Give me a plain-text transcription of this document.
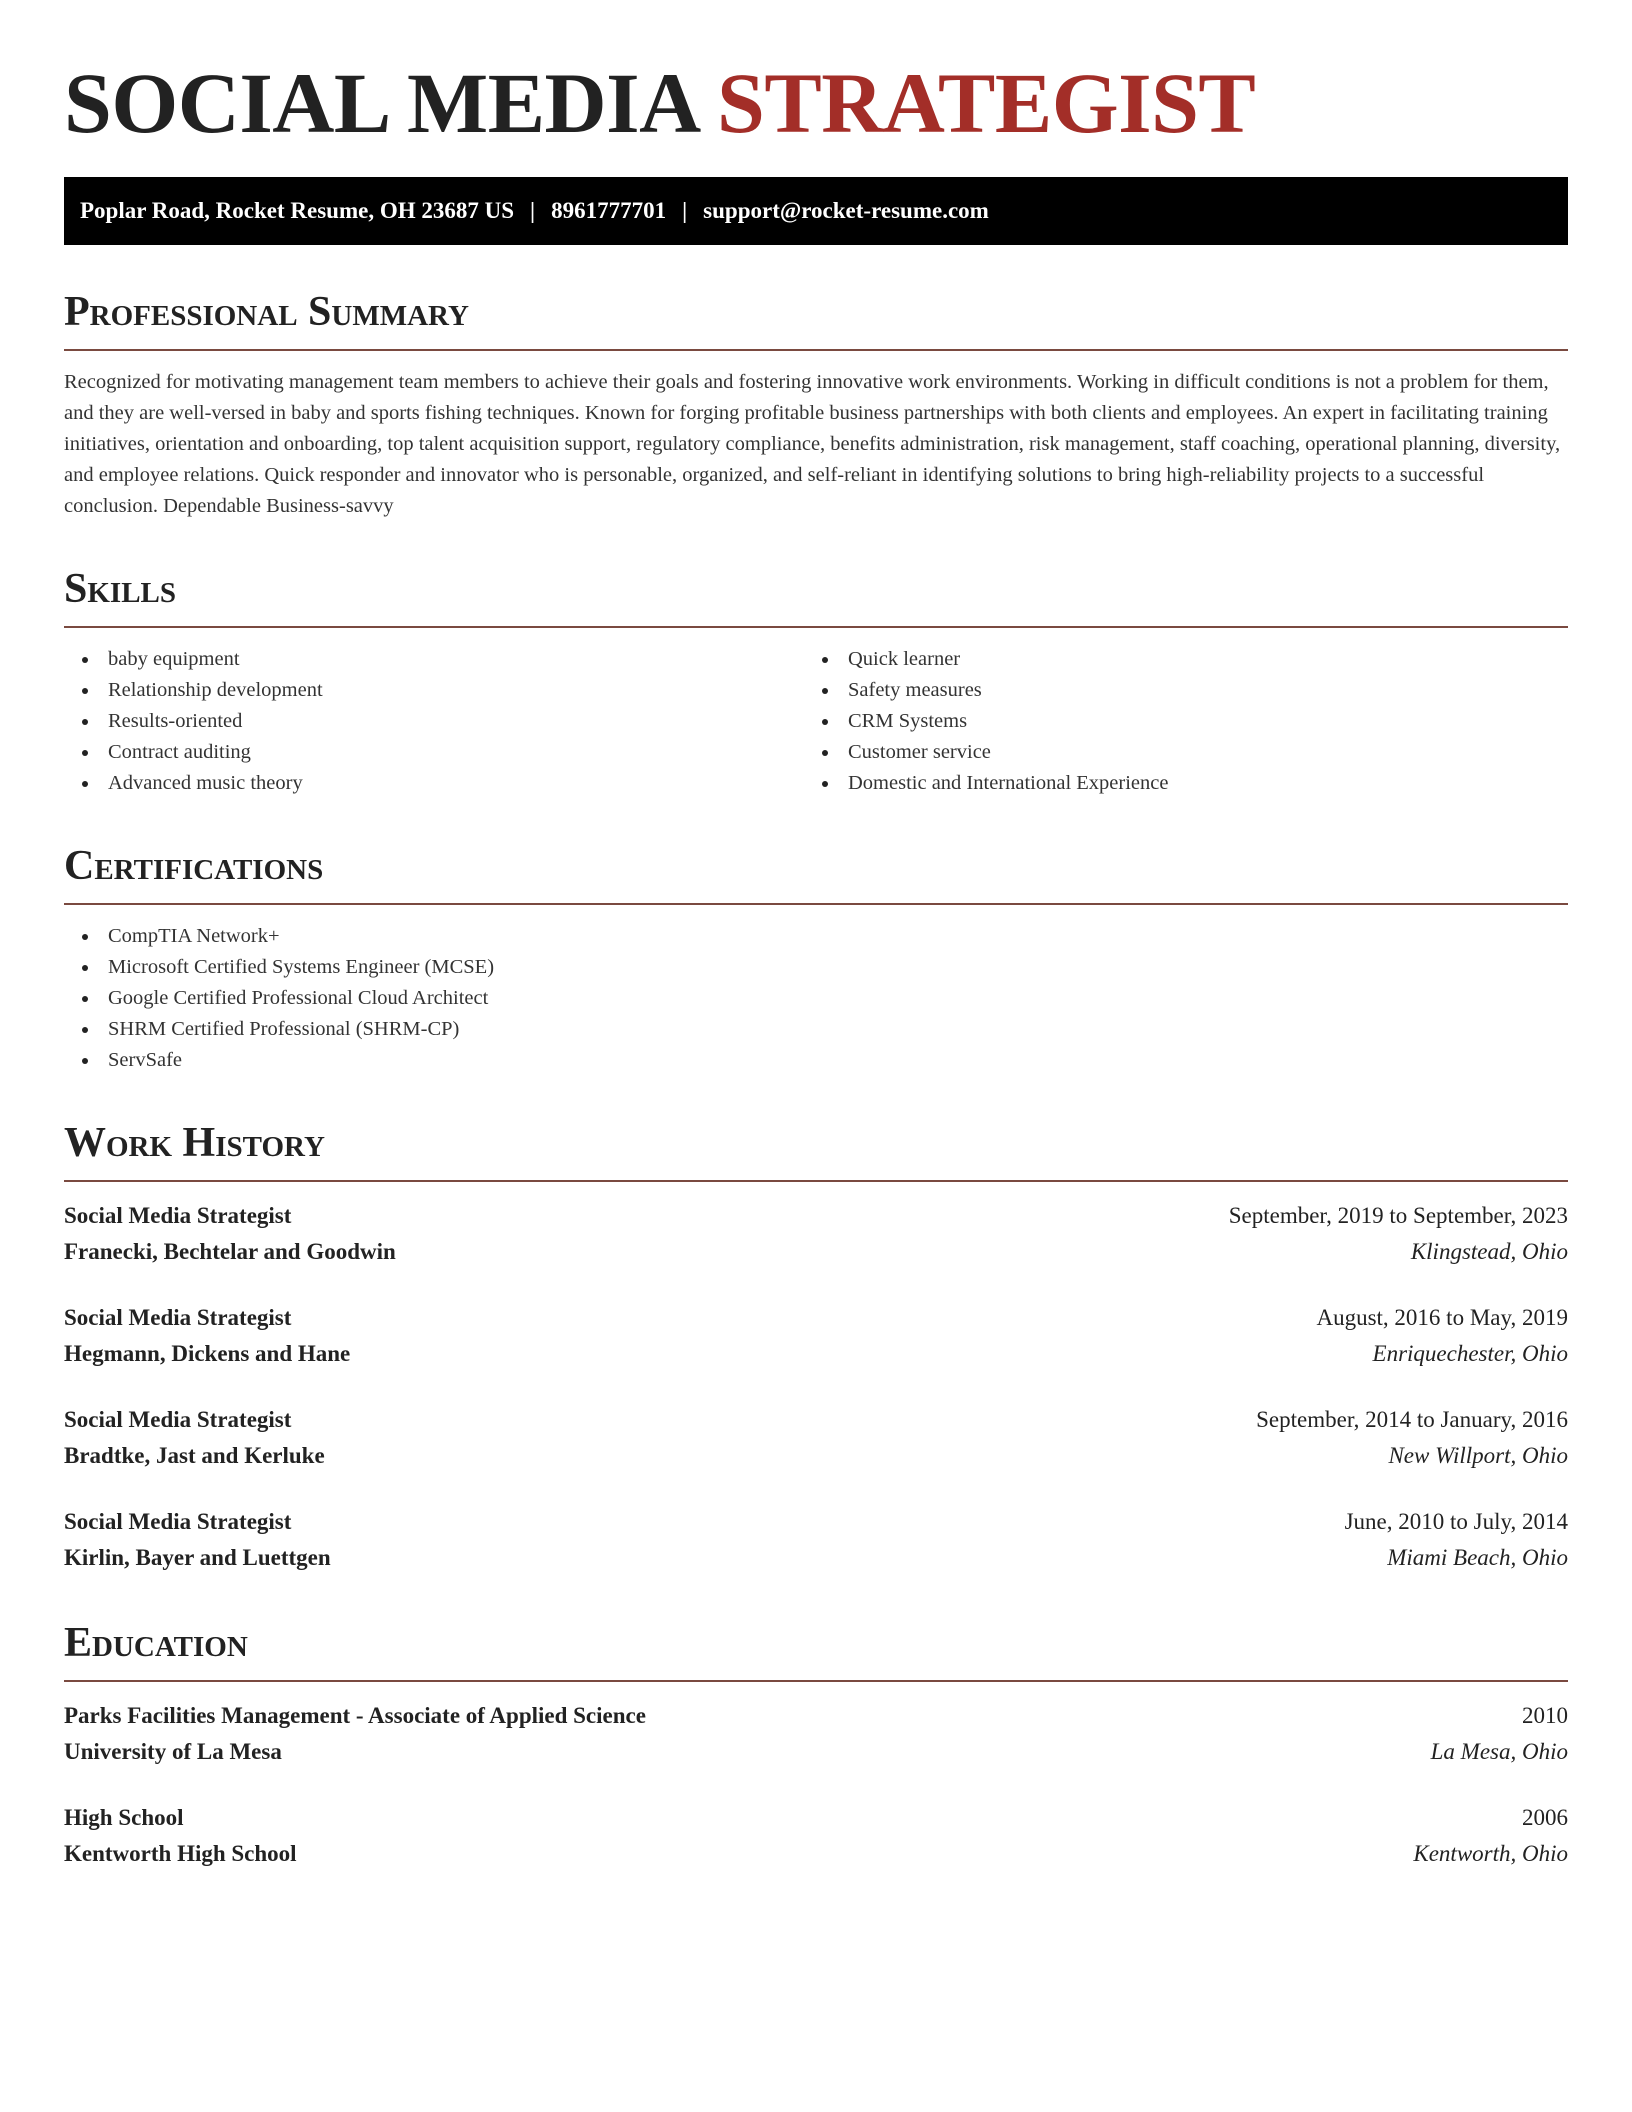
SOCIAL MEDIA STRATEGIST
Poplar Road, Rocket Resume, OH 23687 US | 8961777701 | support@rocket-resume.com
Professional Summary

Recognized for motivating management team members to achieve their goals and fostering innovative work environments. Working in difficult conditions is not a problem for them, and they are well-versed in baby and sports fishing techniques. Known for forging profitable business partnerships with both clients and employees. An expert in facilitating training initiatives, orientation and onboarding, top talent acquisition support, regulatory compliance, benefits administration, risk management, staff coaching, operational planning, diversity, and employee relations. Quick responder and innovator who is personable, organized, and self-reliant in identifying solutions to bring high-reliability projects to a successful conclusion. Dependable Business-savvy

Skills
baby equipment
Relationship development
Results-oriented
Contract auditing
Advanced music theory
Quick learner
Safety measures
CRM Systems
Customer service
Domestic and International Experience
Certifications
CompTIA Network+
Microsoft Certified Systems Engineer (MCSE)
Google Certified Professional Cloud Architect
SHRM Certified Professional (SHRM-CP)
ServSafe
Work History
Social Media Strategist	September, 2019 to September, 2023
Franecki, Bechtelar and Goodwin	Klingstead, Ohio
Social Media Strategist	August, 2016 to May, 2019
Hegmann, Dickens and Hane	Enriquechester, Ohio
Social Media Strategist	September, 2014 to January, 2016
Bradtke, Jast and Kerluke	New Willport, Ohio
Social Media Strategist	June, 2010 to July, 2014
Kirlin, Bayer and Luettgen	Miami Beach, Ohio
Education
Parks Facilities Management - Associate of Applied Science	2010
University of La Mesa	La Mesa, Ohio
High School	2006
Kentworth High School	Kentworth, Ohio
